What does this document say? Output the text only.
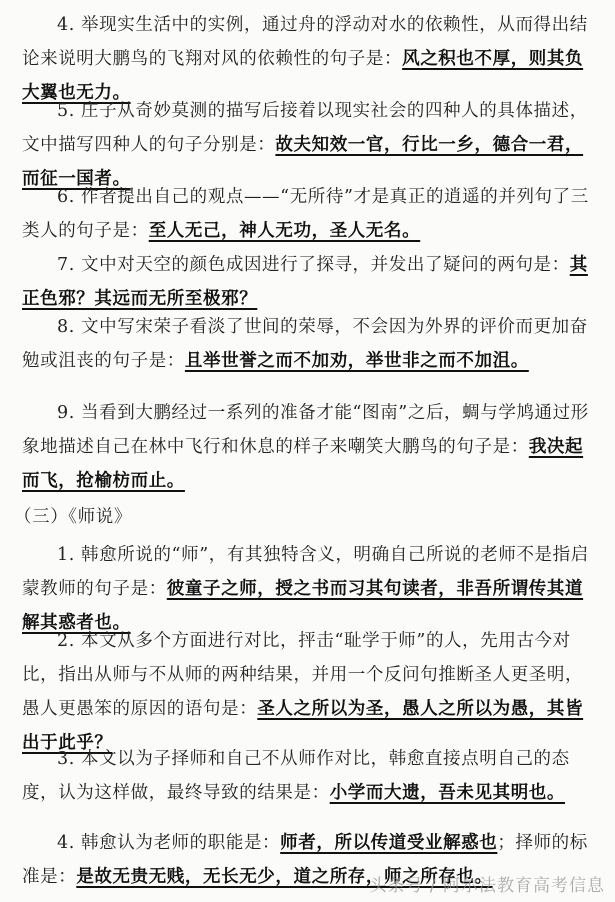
4. 举现实生活中的实例，通过舟的浮动对水的依赖性，从而得出结论来说明大鹏鸟的飞翔对风的依赖性的句子是：风之积也不厚，则其负大翼也无力。

5. 庄子从奇妙莫测的描写后接着以现实社会的四种人的具体描述，文中描写四种人的句子分别是：故夫知效一官，行比一乡，德合一君，而征一国者。

6. 作者提出自己的观点——“无所待”才是真正的逍遥的并列句了三类人的句子是：至人无己，神人无功，圣人无名。

7. 文中对天空的颜色成因进行了探寻，并发出了疑问的两句是：其正色邪？其远而无所至极邪？

8. 文中写宋荣子看淡了世间的荣辱，不会因为外界的评价而更加奋勉或沮丧的句子是：且举世誉之而不加劝，举世非之而不加沮。

9. 当看到大鹏经过一系列的准备才能“图南”之后，蜩与学鸠通过形象地描述自己在林中飞行和休息的样子来嘲笑大鹏鸟的句子是：我决起而飞，抢榆枋而止。

（三）《师说》

1. 韩愈所说的“师”，有其独特含义，明确自己所说的老师不是指启蒙教师的句子是：彼童子之师，授之书而习其句读者，非吾所谓传其道解其惑者也。

2. 本文从多个方面进行对比，抨击“耻学于师”的人，先用古今对比，指出从师与不从师的两种结果，并用一个反问句推断圣人更圣明，愚人更愚笨的原因的语句是：圣人之所以为圣，愚人之所以为愚，其皆出于此乎？

3. 本文以为子择师和自己不从师作对比，韩愈直接点明自己的态度，认为这样做，最终导致的结果是：小学而大遗，吾未见其明也。

4. 韩愈认为老师的职能是：师者，所以传道受业解惑也；择师的标准是：是故无贵无贱，无长无少，道之所存，师之所存也。

头条号 / 阿尔法教育高考信息
